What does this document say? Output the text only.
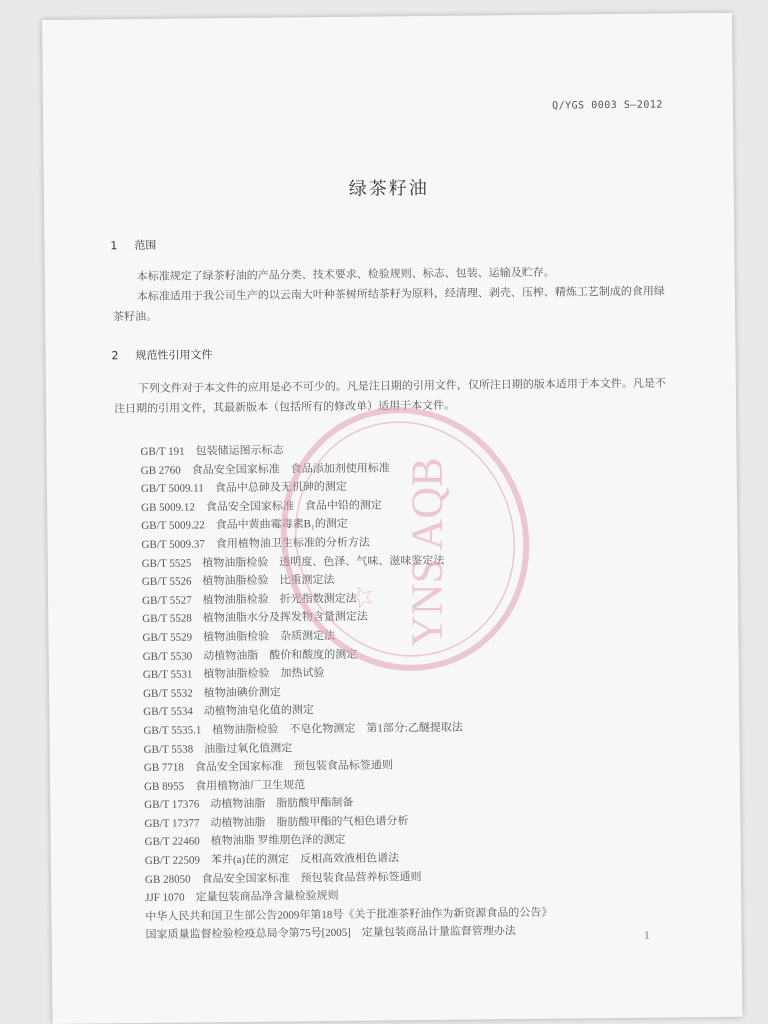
Q/YGS 0003 S—2012
绿茶籽油
1 范围

本标准规定了绿茶籽油的产品分类、技术要求、检验规则、标志、包装、运输及贮存。

本标准适用于我公司生产的以云南大叶种茶树所结茶籽为原料，经清理、剥壳、压榨、精炼工艺制成的食用绿茶籽油。

2 规范性引用文件

下列文件对于本文件的应用是必不可少的。凡是注日期的引用文件，仅所注日期的版本适用于本文件。凡是不注日期的引用文件，其最新版本（包括所有的修改单）适用于本文件。

GB/T 191　包装储运图示标志
GB 2760　食品安全国家标准　食品添加剂使用标准
GB/T 5009.11　食品中总砷及无机砷的测定
GB 5009.12　食品安全国家标准　食品中铅的测定
GB/T 5009.22　食品中黄曲霉毒素B₁的测定
GB/T 5009.37　食用植物油卫生标准的分析方法
GB/T 5525　植物油脂检验　透明度、色泽、气味、滋味鉴定法
GB/T 5526　植物油脂检验　比重测定法
GB/T 5527　植物油脂检验　折光指数测定法
GB/T 5528　植物油脂水分及挥发物含量测定法
GB/T 5529　植物油脂检验　杂质测定法
GB/T 5530　动植物油脂　酸价和酸度的测定
GB/T 5531　植物油脂检验　加热试验
GB/T 5532　植物油碘价测定
GB/T 5534　动植物油皂化值的测定
GB/T 5535.1　植物油脂检验　不皂化物测定　第1部分:乙醚提取法
GB/T 5538　油脂过氧化值测定
GB 7718　食品安全国家标准　预包装食品标签通则
GB 8955　食用植物油厂卫生规范
GB/T 17376　动植物油脂　脂肪酸甲酯制备
GB/T 17377　动植物油脂　脂肪酸甲酯的气相色谱分析
GB/T 22460　植物油脂 罗维朋色泽的测定
GB/T 22509　苯并(a)芘的测定　反相高效液相色谱法
GB 28050　食品安全国家标准　预包装食品营养标签通则
JJF 1070　定量包装商品净含量检验规则
中华人民共和国卫生部公告2009年第18号《关于批准茶籽油作为新资源食品的公告》
国家质量监督检验检疫总局令第75号[2005]　定量包装商品计量监督管理办法	1
YNS AQB
☆
